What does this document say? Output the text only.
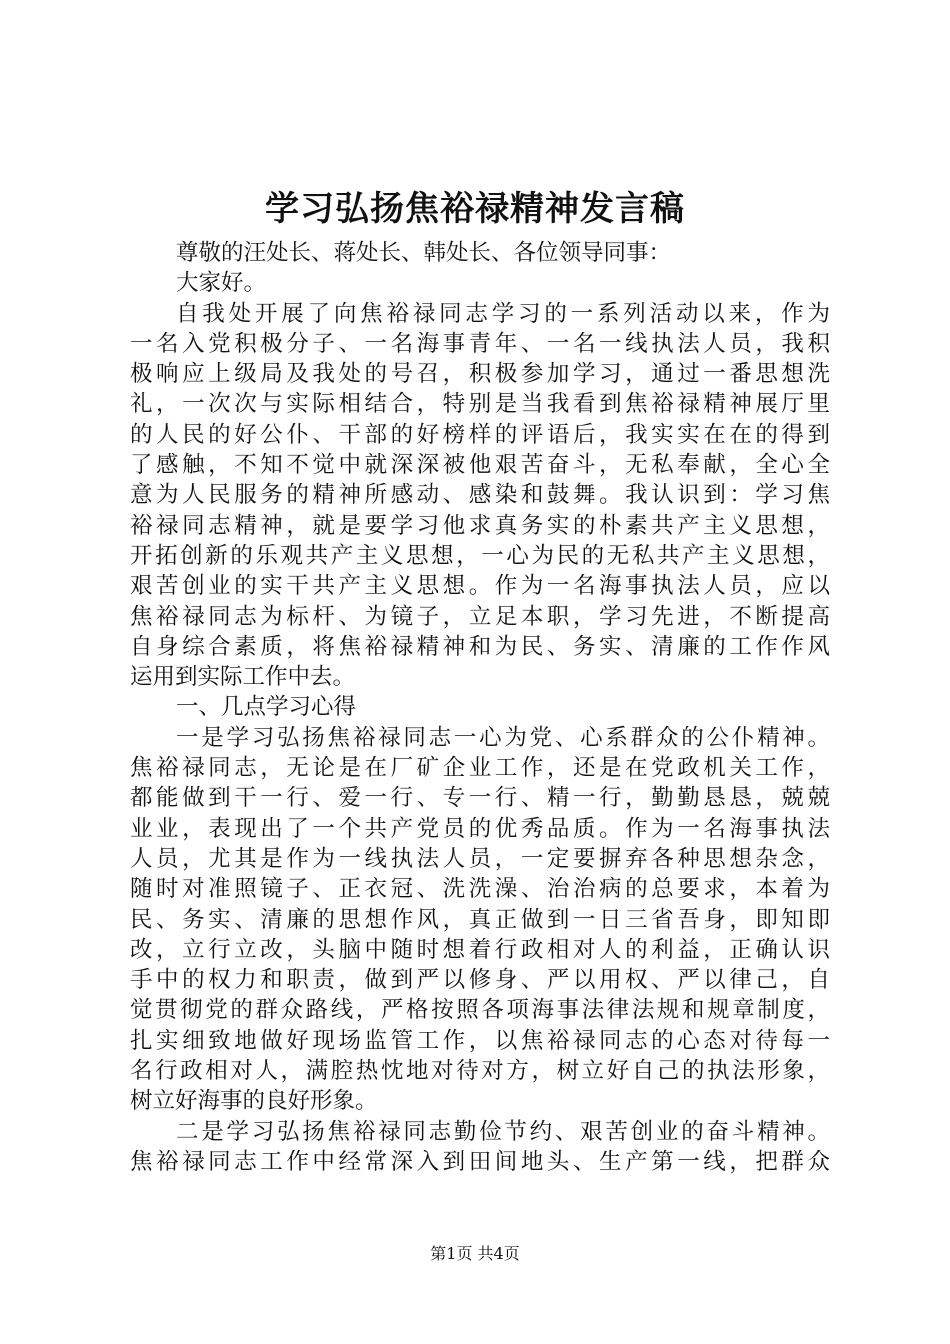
学习弘扬焦裕禄精神发言稿
尊敬的汪处长、蒋处长、韩处长、各位领导同事：
大家好。
自我处开展了向焦裕禄同志学习的一系列活动以来，作为
一名入党积极分子、一名海事青年、一名一线执法人员，我积
极响应上级局及我处的号召，积极参加学习，通过一番思想洗
礼，一次次与实际相结合，特别是当我看到焦裕禄精神展厅里
的人民的好公仆、干部的好榜样的评语后，我实实在在的得到
了感触，不知不觉中就深深被他艰苦奋斗，无私奉献，全心全
意为人民服务的精神所感动、感染和鼓舞。我认识到：学习焦
裕禄同志精神，就是要学习他求真务实的朴素共产主义思想，
开拓创新的乐观共产主义思想，一心为民的无私共产主义思想，
艰苦创业的实干共产主义思想。作为一名海事执法人员，应以
焦裕禄同志为标杆、为镜子，立足本职，学习先进，不断提高
自身综合素质，将焦裕禄精神和为民、务实、清廉的工作作风
运用到实际工作中去。
一、几点学习心得
一是学习弘扬焦裕禄同志一心为党、心系群众的公仆精神。
焦裕禄同志，无论是在厂矿企业工作，还是在党政机关工作，
都能做到干一行、爱一行、专一行、精一行，勤勤恳恳，兢兢
业业，表现出了一个共产党员的优秀品质。作为一名海事执法
人员，尤其是作为一线执法人员，一定要摒弃各种思想杂念，
随时对准照镜子、正衣冠、洗洗澡、治治病的总要求，本着为
民、务实、清廉的思想作风，真正做到一日三省吾身，即知即
改，立行立改，头脑中随时想着行政相对人的利益，正确认识
手中的权力和职责，做到严以修身、严以用权、严以律己，自
觉贯彻党的群众路线，严格按照各项海事法律法规和规章制度，
扎实细致地做好现场监管工作，以焦裕禄同志的心态对待每一
名行政相对人，满腔热忱地对待对方，树立好自己的执法形象，
树立好海事的良好形象。
二是学习弘扬焦裕禄同志勤俭节约、艰苦创业的奋斗精神。
焦裕禄同志工作中经常深入到田间地头、生产第一线，把群众
第1页 共4页
